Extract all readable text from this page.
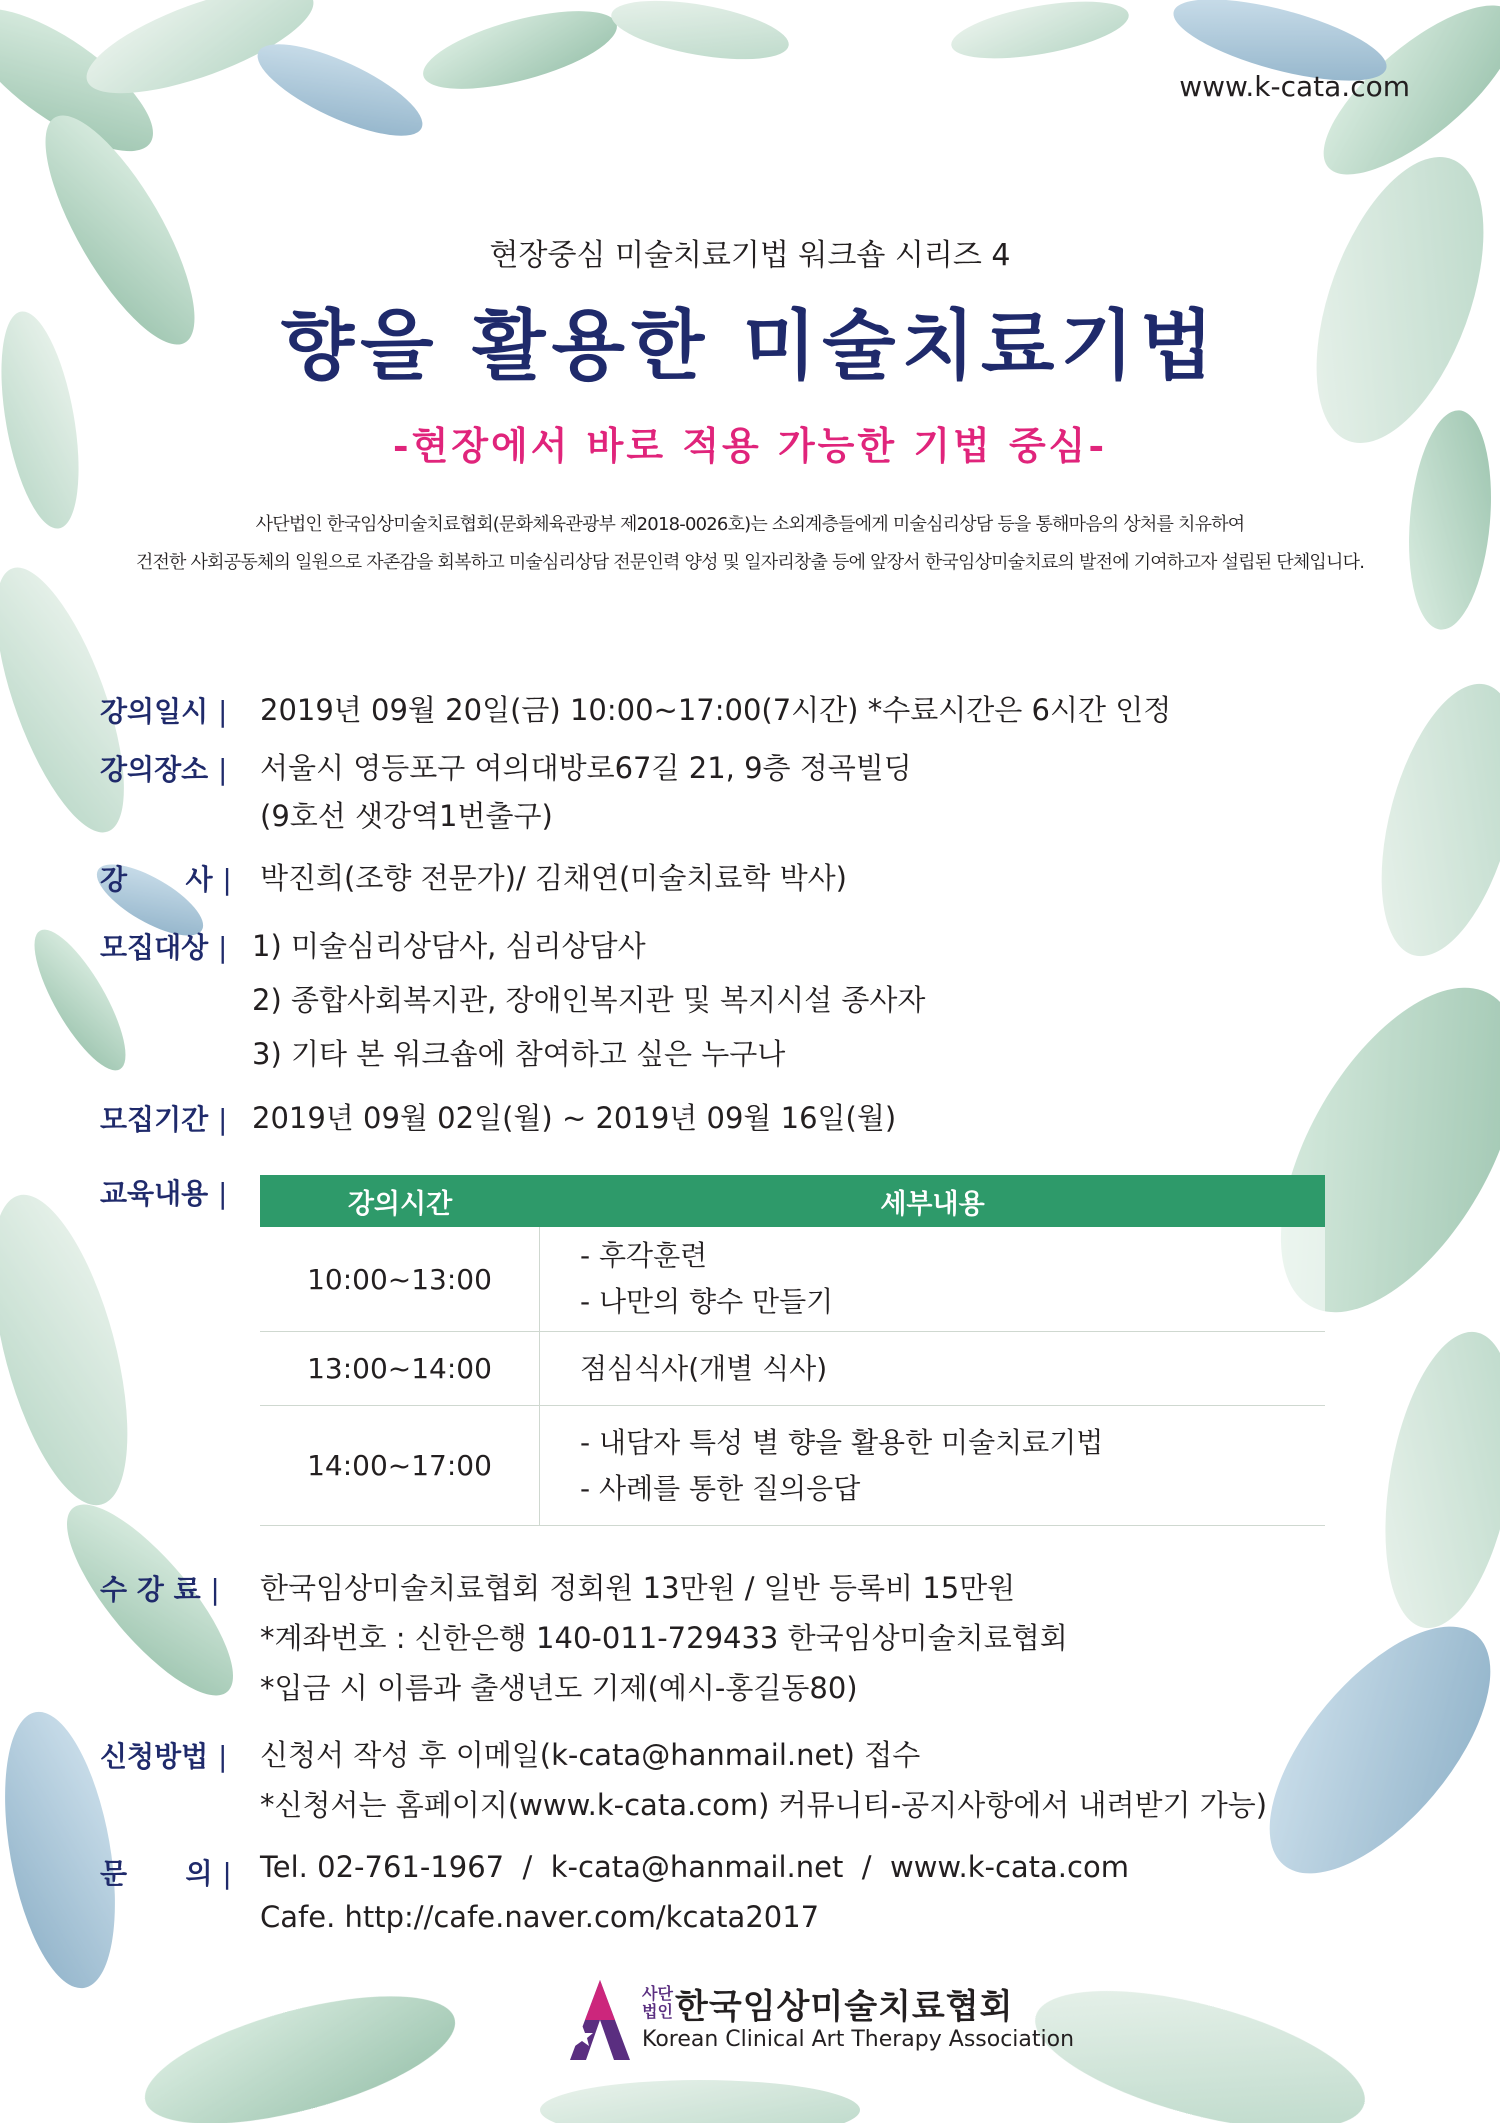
www.k-cata.com
현장중심 미술치료기법 워크숍 시리즈 4
향을 활용한 미술치료기법
-현장에서 바로 적용 가능한 기법 중심-
사단법인 한국임상미술치료협회(문화체육관광부 제2018-0026호)는 소외계층들에게 미술심리상담 등을 통해마음의 상처를 치유하여
건전한 사회공동체의 일원으로 자존감을 회복하고 미술심리상담 전문인력 양성 및 일자리창출 등에 앞장서 한국임상미술치료의 발전에 기여하고자 설립된 단체입니다.
강의일시 | 2019년 09월 20일(금) 10:00~17:00(7시간) *수료시간은 6시간 인정
강의장소 | 서울시 영등포구 여의대방로67길 21, 9층 정곡빌딩
(9호선 샛강역1번출구)
강      사 | 박진희(조향 전문가)/ 김채연(미술치료학 박사)
모집대상 | 1) 미술심리상담사, 심리상담사
2) 종합사회복지관, 장애인복지관 및 복지시설 종사자
3) 기타 본 워크숍에 참여하고 싶은 누구나
모집기간 | 2019년 09월 02일(월) ~ 2019년 09월 16일(월)
교육내용 |
수 강 료 | 한국임상미술치료협회 정회원 13만원 / 일반 등록비 15만원
*계좌번호 : 신한은행 140-011-729433 한국임상미술치료협회
*입금 시 이름과 출생년도 기제(예시-홍길동80)
신청방법 | 신청서 작성 후 이메일(k-cata@hanmail.net) 접수
*신청서는 홈페이지(www.k-cata.com) 커뮤니티-공지사항에서 내려받기 가능)
문      의 | Tel. 02-761-1967  /  k-cata@hanmail.net  /  www.k-cata.com
Cafe. http://cafe.naver.com/kcata2017
강의시간	세부내용
10:00~13:00
- 후각훈련
- 나만의 향수 만들기
13:00~14:00	점심식사(개별 식사)
14:00~17:00
- 내담자 특성 별 향을 활용한 미술치료기법
- 사례를 통한 질의응답
사단
법인 한국임상미술치료협회
Korean Clinical Art Therapy Association
